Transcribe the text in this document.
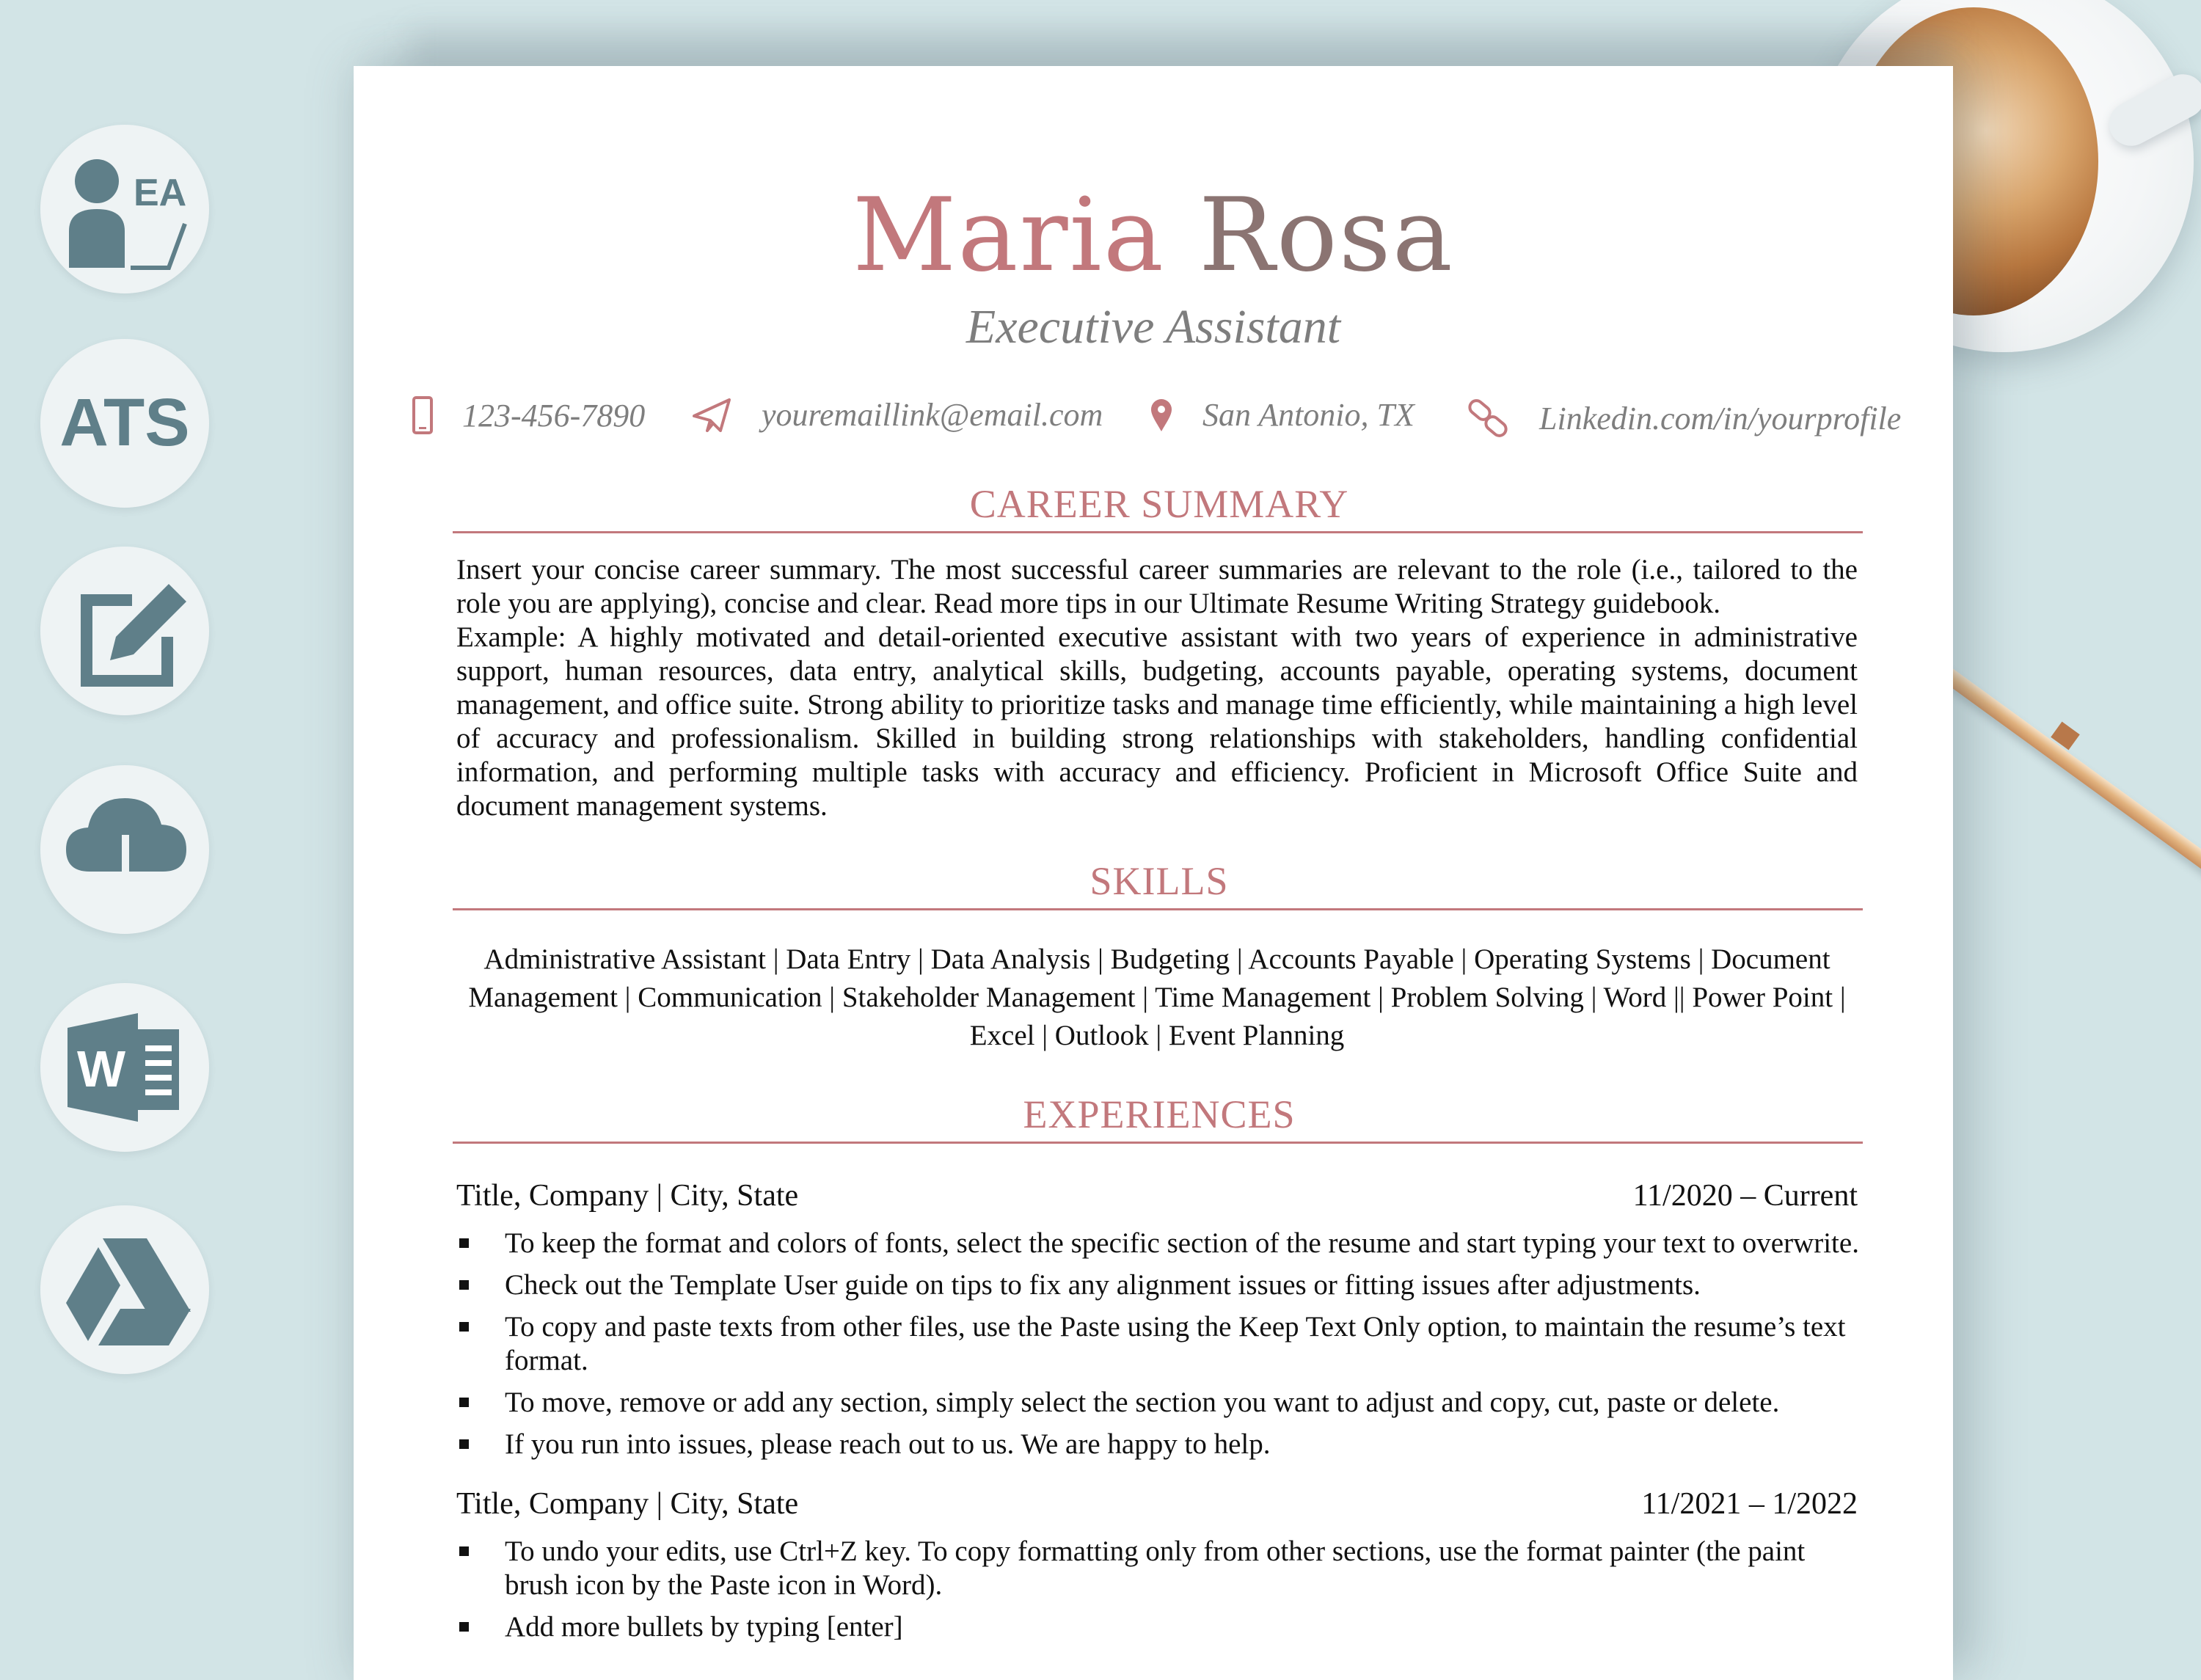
EA
ATS
W
Maria Rosa
Executive Assistant
123-456-7890	youremaillink@email.com	San Antonio, TX	Linkedin.com/in/yourprofile
CAREER SUMMARY
Insert your concise career summary. The most successful career summaries are relevant to the role (i.e., tailored to the role you are applying), concise and clear. Read more tips in our Ultimate Resume Writing Strategy guidebook.
Example: A highly motivated and detail-oriented executive assistant with two years of experience in administrative support, human resources, data entry, analytical skills, budgeting, accounts payable, operating systems, document management, and office suite. Strong ability to prioritize tasks and manage time efficiently, while maintaining a high level of accuracy and professionalism. Skilled in building strong relationships with stakeholders, handling confidential information, and performing multiple tasks with accuracy and efficiency. Proficient in Microsoft Office Suite and document management systems.
SKILLS
Administrative Assistant | Data Entry | Data Analysis | Budgeting | Accounts Payable | Operating Systems | Document Management | Communication | Stakeholder Management | Time Management | Problem Solving | Word || Power Point | Excel | Outlook | Event Planning
EXPERIENCES
Title, Company | City, State	11/2020 – Current
To keep the format and colors of fonts, select the specific section of the resume and start typing your text to overwrite.
Check out the Template User guide on tips to fix any alignment issues or fitting issues after adjustments.
To copy and paste texts from other files, use the Paste using the Keep Text Only option, to maintain the resume’s text format.
To move, remove or add any section, simply select the section you want to adjust and copy, cut, paste or delete.
If you run into issues, please reach out to us. We are happy to help.
Title, Company | City, State	11/2021 – 1/2022
To undo your edits, use Ctrl+Z key. To copy formatting only from other sections, use the format painter (the paint brush icon by the Paste icon in Word).
Add more bullets by typing [enter]
